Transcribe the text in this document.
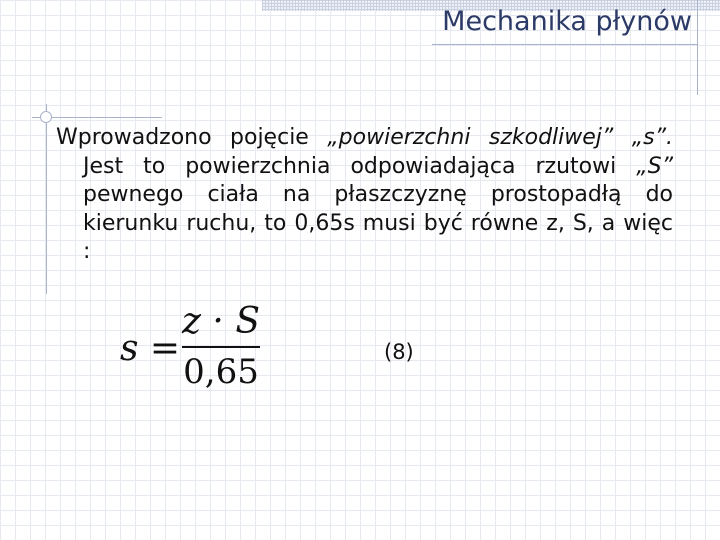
Mechanika płynów
Wprowadzono pojęcie „powierzchni szkodliwej” „s”. Jest to powierzchnia odpowiadająca rzutowi „S” pewnego ciała na płaszczyznę prostopadłą do kierunku ruchu, to 0,65s musi być równe z, S, a więc :
s =
z · S
0,65	(8)
